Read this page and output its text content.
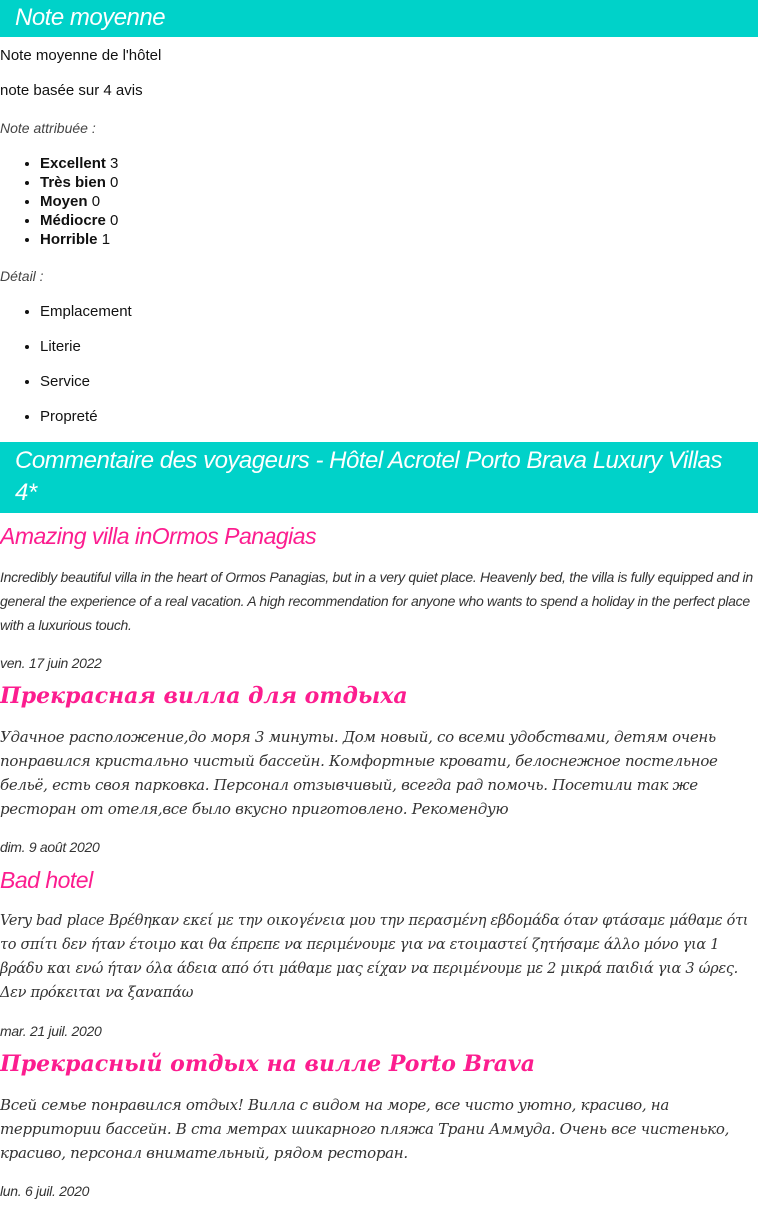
Note moyenne

Note moyenne de l'hôtel

note basée sur 4 avis

Note attribuée :

• Excellent 3
• Très bien 0
• Moyen 0
• Médiocre 0
• Horrible 1

Détail :

• Emplacement
• Literie
• Service
• Propreté
Commentaire des voyageurs - Hôtel Acrotel Porto Brava Luxury Villas 4*
Amazing villa inOrmos Panagias

Incredibly beautiful villa in the heart of Ormos Panagias, but in a very quiet place. Heavenly bed, the villa is fully equipped and in general the experience of a real vacation. A high recommendation for anyone who wants to spend a holiday in the perfect place with a luxurious touch.

ven. 17 juin 2022

Прекрасная вилла для отдыха

Удачное расположение,до моря 3 минуты. Дом новый, со всеми удобствами, детям очень понравился кристально чистый бассейн. Комфортные кровати, белоснежное постельное бельё, есть своя парковка. Персонал отзывчивый, всегда рад помочь. Посетили так же ресторан от отеля,все было вкусно приготовлено. Рекомендую

dim. 9 août 2020

Bad hotel

Very bad place Βρέθηκαν εκεί με την οικογένεια μου την περασμένη εβδομάδα όταν φτάσαμε μάθαμε ότι το σπίτι δεν ήταν έτοιμο και θα έπρεπε να περιμένουμε για να ετοιμαστεί ζητήσαμε άλλο μόνο για 1 βράδυ και ενώ ήταν όλα άδεια από ότι μάθαμε μας είχαν να περιμένουμε με 2 μικρά παιδιά για 3 ώρες. Δεν πρόκειται να ξαναπάω

mar. 21 juil. 2020

Прекрасный отдых на вилле Porto Brava

Всей семье понравился отдых! Вилла с видом на море, все чисто уютно, красиво, на территории бассейн. В ста метрах шикарного пляжа Трани Аммуда. Очень все чистенько, красиво, персонал внимательный, рядом ресторан.

lun. 6 juil. 2020
